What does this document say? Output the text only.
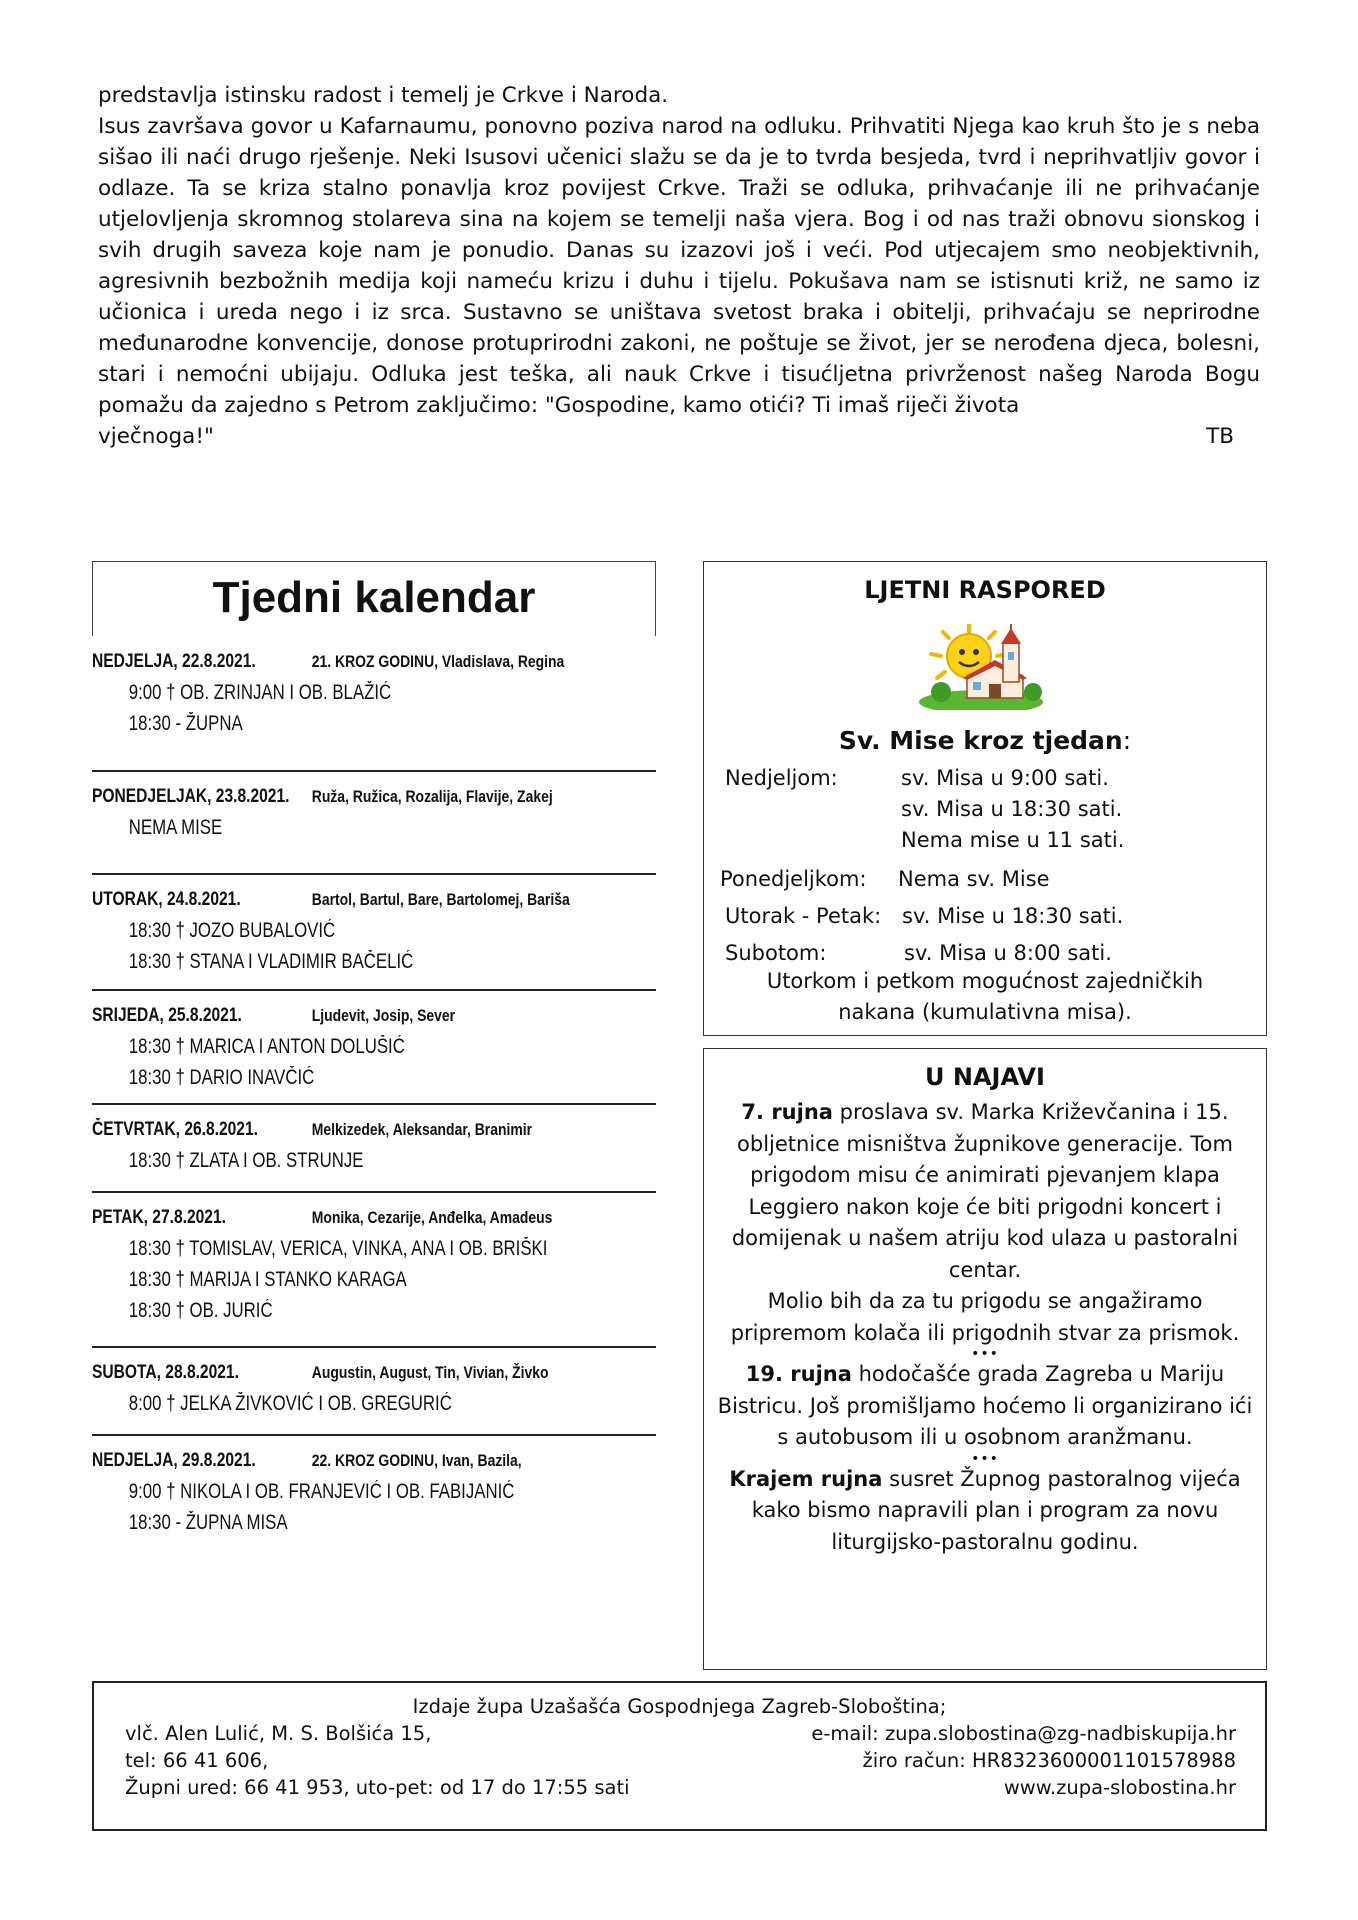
predstavlja istinsku radost i temelj je Crkve i Naroda.

Isus završava govor u Kafarnaumu, ponovno poziva narod na odluku. Prihvatiti Njega kao kruh što je s neba sišao ili naći drugo rješenje. Neki Isusovi učenici slažu se da je to tvrda besjeda, tvrd i neprihvatljiv govor i odlaze. Ta se kriza stalno ponavlja kroz povijest Crkve. Traži se odluka, prihvaćanje ili ne prihvaćanje utjelovljenja skromnog stolareva sina na kojem se temelji naša vjera. Bog i od nas traži obnovu sionskog i svih drugih saveza koje nam je ponudio. Danas su izazovi još i veći. Pod utjecajem smo neobjektivnih, agresivnih bezbožnih medija koji nameću krizu i duhu i tijelu. Pokušava nam se istisnuti križ, ne samo iz učionica i ureda nego i iz srca. Sustavno se uništava svetost braka i obitelji, prihvaćaju se neprirodne međunarodne konvencije, donose protuprirodni zakoni, ne poštuje se život, jer se nerođena djeca, bolesni, stari i nemoćni ubijaju. Odluka jest teška, ali nauk Crkve i tisućljetna privrženost našeg Naroda Bogu pomažu da zajedno s Petrom zaključimo: "Gospodine, kamo otići? Ti imaš riječi života

vječnoga!"	TB

Tjedni kalendar
NEDJELJA, 22.8.2021.	21. KROZ GODINU, Vladislava, Regina
9:00 † OB. ZRINJAN I OB. BLAŽIĆ
18:30 - ŽUPNA
PONEDJELJAK, 23.8.2021.	Ruža, Ružica, Rozalija, Flavije, Zakej
NEMA MISE
UTORAK, 24.8.2021.	Bartol, Bartul, Bare, Bartolomej, Bariša
18:30 † JOZO BUBALOVIĆ
18:30 † STANA I VLADIMIR BAČELIĆ
SRIJEDA, 25.8.2021.	Ljudevit, Josip, Sever
18:30 † MARICA I ANTON DOLUŠIĆ
18:30 † DARIO INAVČIĆ
ČETVRTAK, 26.8.2021.	Melkizedek, Aleksandar, Branimir
18:30 † ZLATA I OB. STRUNJE
PETAK, 27.8.2021.	Monika, Cezarije, Anđelka, Amadeus
18:30 † TOMISLAV, VERICA, VINKA, ANA I OB. BRIŠKI
18:30 † MARIJA I STANKO KARAGA
18:30 † OB. JURIĆ
SUBOTA, 28.8.2021.	Augustin, August, Tin, Vivian, Živko
8:00 † JELKA ŽIVKOVIĆ I OB. GREGURIĆ
NEDJELJA, 29.8.2021.	22. KROZ GODINU, Ivan, Bazila,
9:00 † NIKOLA I OB. FRANJEVIĆ I OB. FABIJANIĆ
18:30 - ŽUPNA MISA
LJETNI RASPORED
Sv. Mise kroz tjedan:
Nedjeljom:	sv. Misa u 9:00 sati.
sv. Misa u 18:30 sati.
Nema mise u 11 sati.
Ponedjeljkom: Nema sv. Mise
Utorak - Petak: sv. Mise u 18:30 sati.
Subotom:	sv. Misa u 8:00 sati.
Utorkom i petkom mogućnost zajedničkih
nakana (kumulativna misa).
U NAJAVI
7. rujna proslava sv. Marka Križevčanina i 15. obljetnice misništva župnikove generacije. Tom prigodom misu će animirati pjevanjem klapa Leggiero nakon koje će biti prigodni koncert i domijenak u našem atriju kod ulaza u pastoralni centar.
Molio bih da za tu prigodu se angažiramo pripremom kolača ili prigodnih stvar za prismok.
•••
19. rujna hodočašće grada Zagreba u Mariju Bistricu. Još promišljamo hoćemo li organizirano ići s autobusom ili u osobnom aranžmanu.
•••
Krajem rujna susret Župnog pastoralnog vijeća kako bismo napravili plan i program za novu liturgijsko-pastoralnu godinu.
Izdaje župa Uzašašća Gospodnjega Zagreb-Sloboština;
vlč. Alen Lulić, M. S. Bolšića 15,	e-mail: zupa.slobostina@zg-nadbiskupija.hr
tel: 66 41 606,	žiro račun: HR8323600001101578988
Župni ured: 66 41 953, uto-pet: od 17 do 17:55 sati	www.zupa-slobostina.hr
